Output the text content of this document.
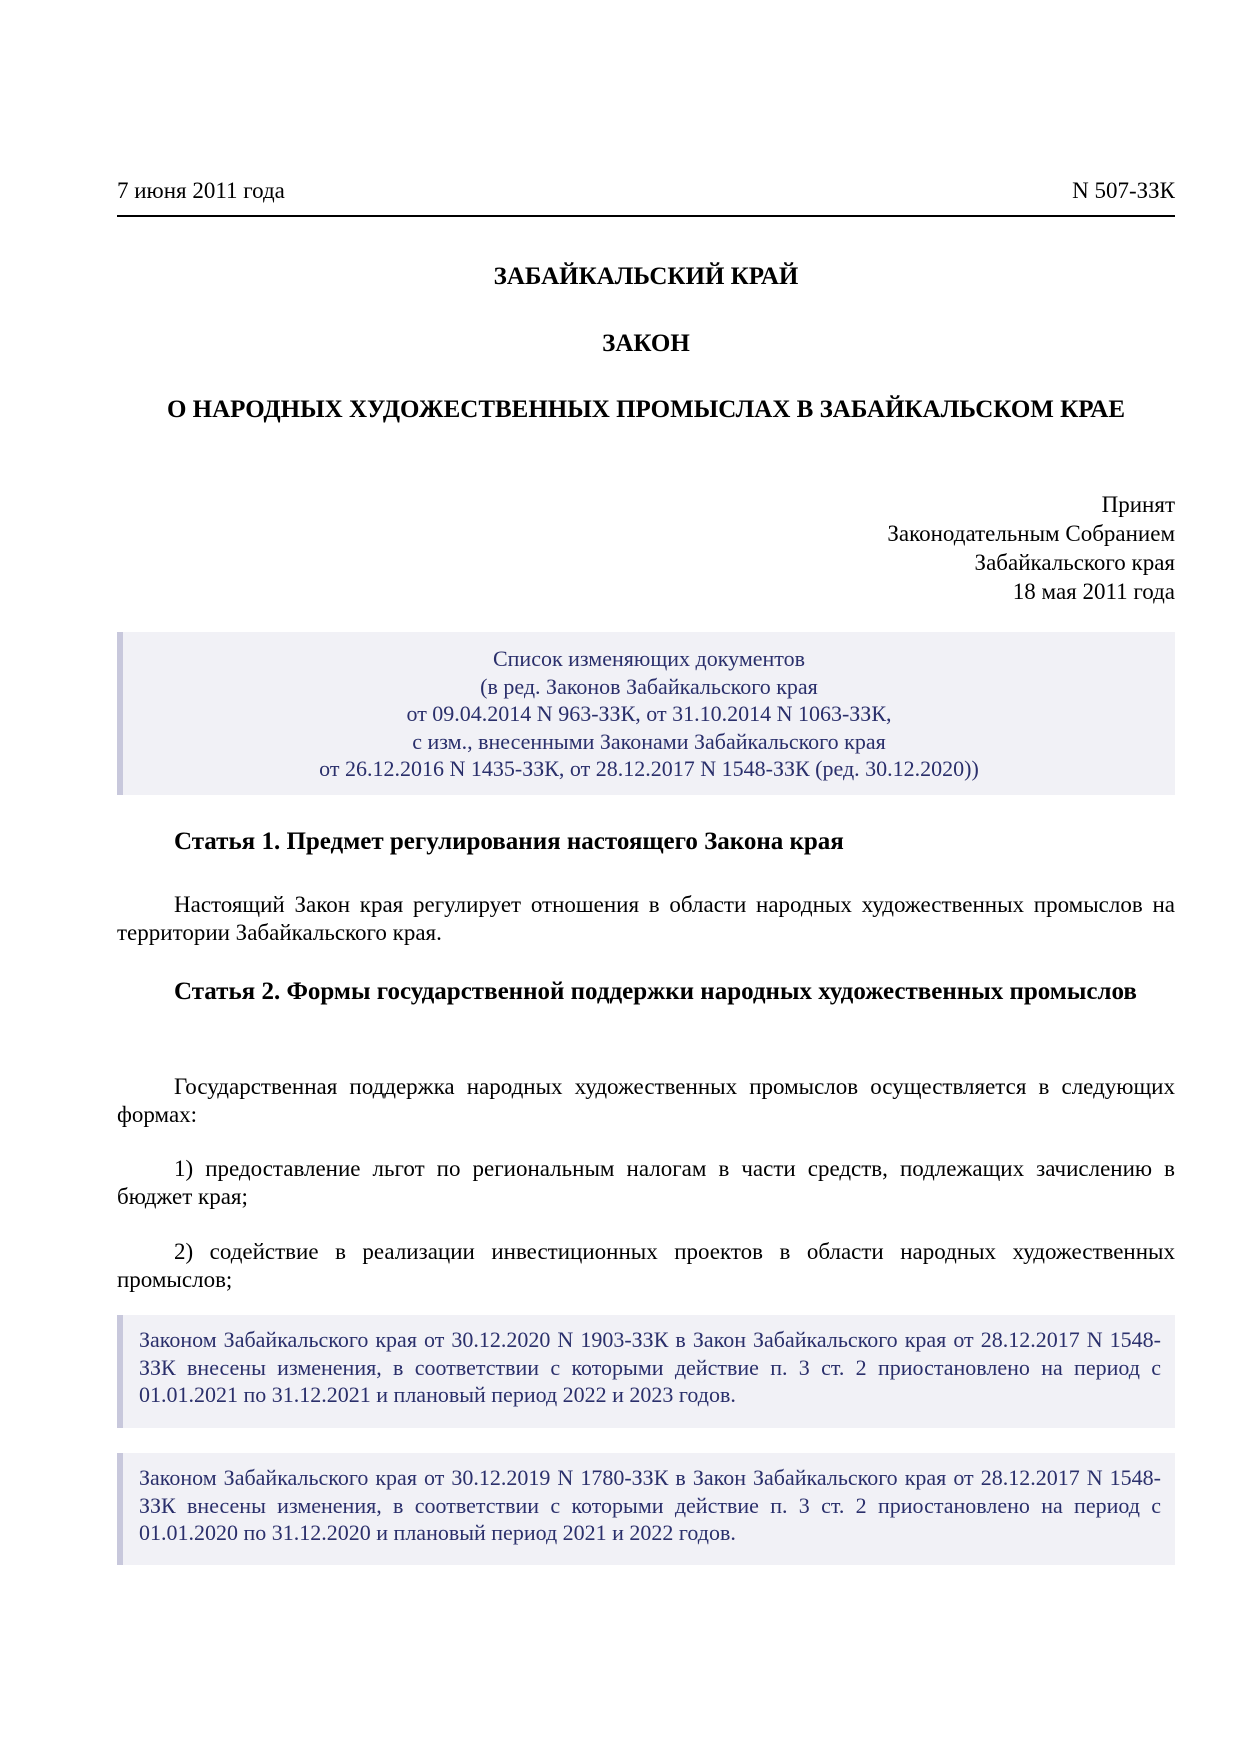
7 июня 2011 года	N 507-ЗЗК
ЗАБАЙКАЛЬСКИЙ КРАЙ
ЗАКОН
О НАРОДНЫХ ХУДОЖЕСТВЕННЫХ ПРОМЫСЛАХ В ЗАБАЙКАЛЬСКОМ КРАЕ
Принят
Законодательным Собранием
Забайкальского края
18 мая 2011 года
Список изменяющих документов
(в ред. Законов Забайкальского края
от 09.04.2014 N 963-ЗЗК, от 31.10.2014 N 1063-ЗЗК,
с изм., внесенными Законами Забайкальского края
от 26.12.2016 N 1435-ЗЗК, от 28.12.2017 N 1548-ЗЗК (ред. 30.12.2020))
Статья 1. Предмет регулирования настоящего Закона края
Настоящий Закон края регулирует отношения в области народных художественных промыслов на территории Забайкальского края.
Статья 2. Формы государственной поддержки народных художественных промыслов
Государственная поддержка народных художественных промыслов осуществляется в следующих формах:
1) предоставление льгот по региональным налогам в части средств, подлежащих зачислению в бюджет края;
2) содействие в реализации инвестиционных проектов в области народных художественных промыслов;
Законом Забайкальского края от 30.12.2020 N 1903-ЗЗК в Закон Забайкальского края от 28.12.2017 N 1548-ЗЗК внесены изменения, в соответствии с которыми действие п. 3 ст. 2 приостановлено на период с 01.01.2021 по 31.12.2021 и плановый период 2022 и 2023 годов.
Законом Забайкальского края от 30.12.2019 N 1780-ЗЗК в Закон Забайкальского края от 28.12.2017 N 1548-ЗЗК внесены изменения, в соответствии с которыми действие п. 3 ст. 2 приостановлено на период с 01.01.2020 по 31.12.2020 и плановый период 2021 и 2022 годов.
